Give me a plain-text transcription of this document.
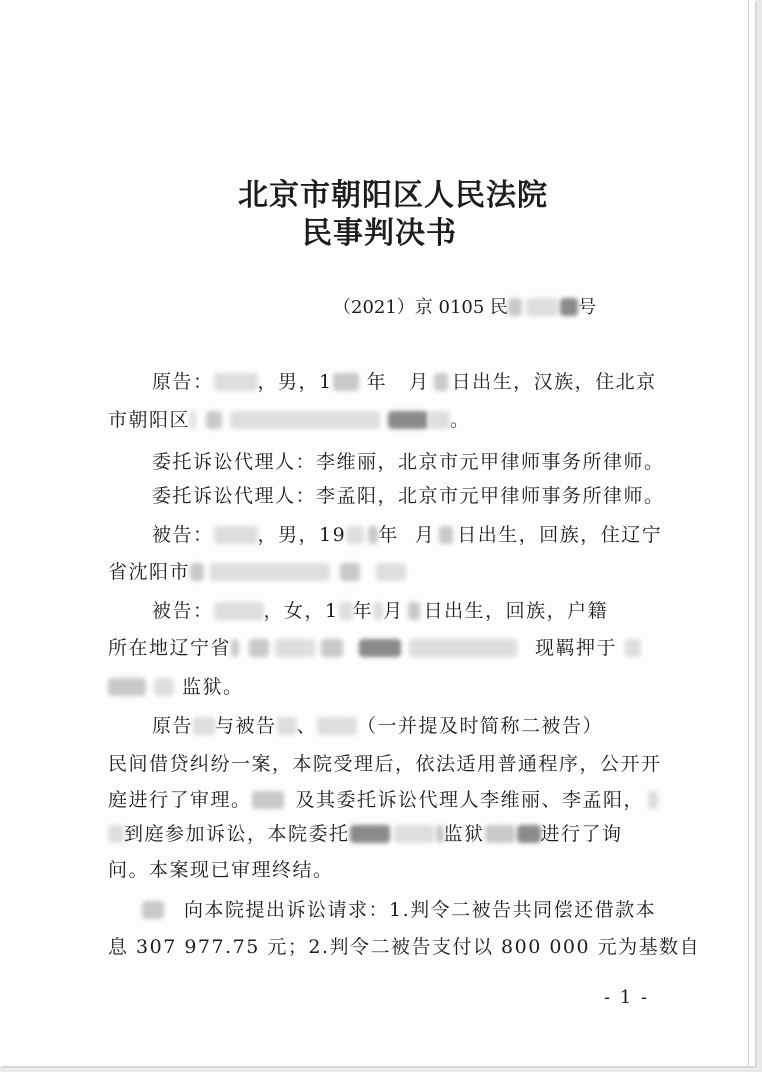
北京市朝阳区人民法院
民事判决书
（2021）京 0105 民	号
原告： ，男，1 年 月 日出生，汉族，住北京
市朝阳区	。
委托诉讼代理人：李维丽，北京市元甲律师事务所律师。
委托诉讼代理人：李孟阳，北京市元甲律师事务所律师。
被告： ，男，19 年 月 日出生，回族，住辽宁
省沈阳市
被告：	，女，1 年 月 日出生，回族，户籍
所在地辽宁省	现羁押于
监狱。
原告 与被告 、 （一并提及时简称二被告）
民间借贷纠纷一案，本院受理后，依法适用普通程序，公开开
庭进行了审理。 及其委托诉讼代理人李维丽、李孟阳，
到庭参加诉讼，本院委托	监狱	进行了询
问。本案现已审理终结。
向本院提出诉讼请求：1.判令二被告共同偿还借款本
息 307 977.75 元；2.判令二被告支付以 800 000 元为基数自
- 1 -
